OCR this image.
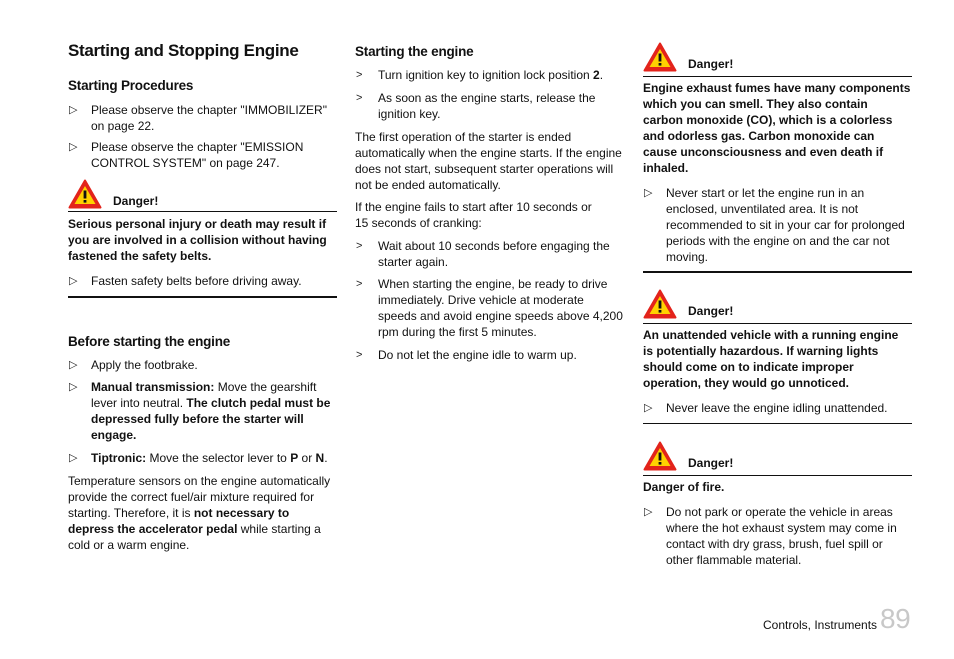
Starting and Stopping Engine
Starting Procedures
▷ Please observe the chapter "IMMOBILIZER" on page 22.
▷ Please observe the chapter "EMISSION CONTROL SYSTEM" on page 247.
Danger!
Serious personal injury or death may result if you are involved in a collision without having fastened the safety belts.
▷ Fasten safety belts before driving away.
Before starting the engine
▷ Apply the footbrake.
▷ Manual transmission: Move the gearshift lever into neutral. The clutch pedal must be depressed fully before the starter will engage.
▷ Tiptronic: Move the selector lever to P or N.
Temperature sensors on the engine automatically provide the correct fuel/air mixture required for starting. Therefore, it is not necessary to depress the accelerator pedal while starting a cold or a warm engine.
Starting the engine
> Turn ignition key to ignition lock position 2.
> As soon as the engine starts, release the ignition key.
The first operation of the starter is ended automatically when the engine starts. If the engine does not start, subsequent starter operations will not be ended automatically.
If the engine fails to start after 10 seconds or 15 seconds of cranking:
> Wait about 10 seconds before engaging the starter again.
> When starting the engine, be ready to drive immediately. Drive vehicle at moderate speeds and avoid engine speeds above 4,200 rpm during the first 5 minutes.
> Do not let the engine idle to warm up.
Danger!
Engine exhaust fumes have many components which you can smell. They also contain carbon monoxide (CO), which is a colorless and odorless gas. Carbon monoxide can cause unconsciousness and even death if inhaled.
▷ Never start or let the engine run in an enclosed, unventilated area. It is not recommended to sit in your car for prolonged periods with the engine on and the car not moving.
Danger!
An unattended vehicle with a running engine is potentially hazardous. If warning lights should come on to indicate improper operation, they would go unnoticed.
▷ Never leave the engine idling unattended.
Danger!
Danger of fire.
▷ Do not park or operate the vehicle in areas where the hot exhaust system may come in contact with dry grass, brush, fuel spill or other flammable material.
Controls, Instruments 89
